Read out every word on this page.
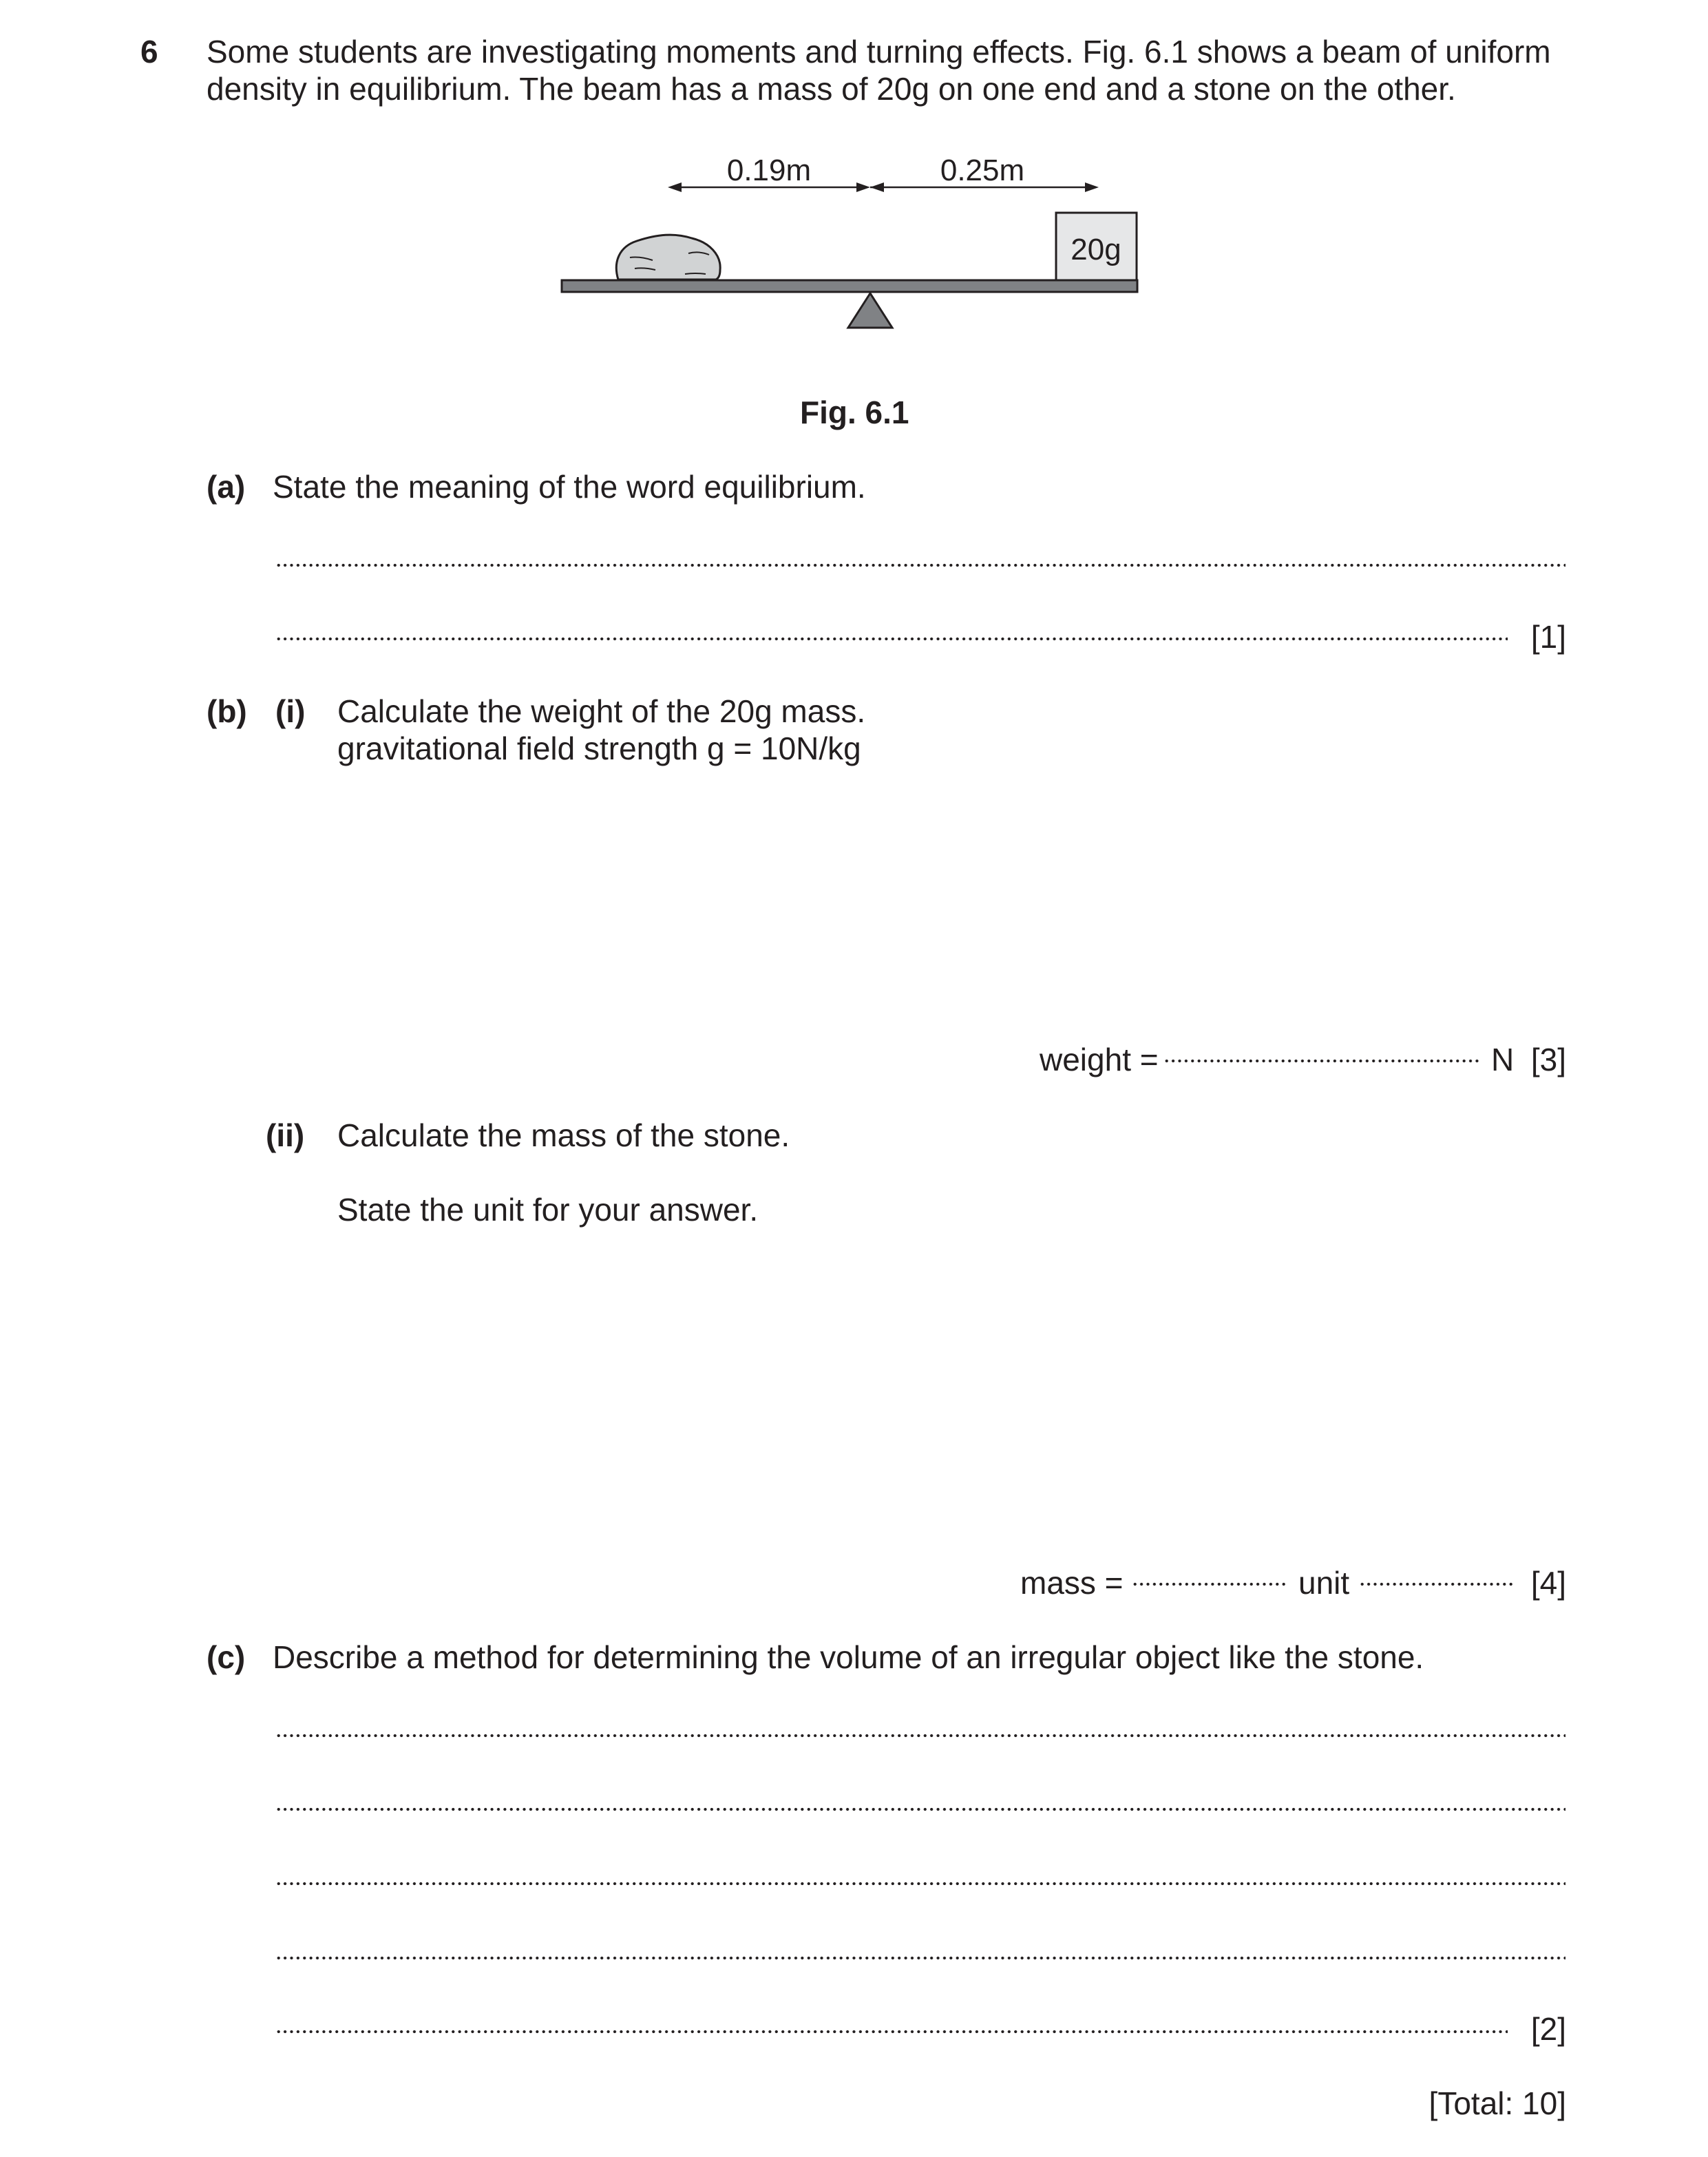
6 Some students are investigating moments and turning effects. Fig. 6.1 shows a beam of uniform
density in equilibrium. The beam has a mass of 20g on one end and a stone on the other.
0.19m	0.25m
20g
Fig. 6.1
(a) State the meaning of the word equilibrium.
[1]
(b) (i) Calculate the weight of the 20g mass.
gravitational field strength g = 10N/kg
weight =	N [3]
(ii) Calculate the mass of the stone.
State the unit for your answer.
mass =	unit	[4]
(c) Describe a method for determining the volume of an irregular object like the stone.
[2]
[Total: 10]
